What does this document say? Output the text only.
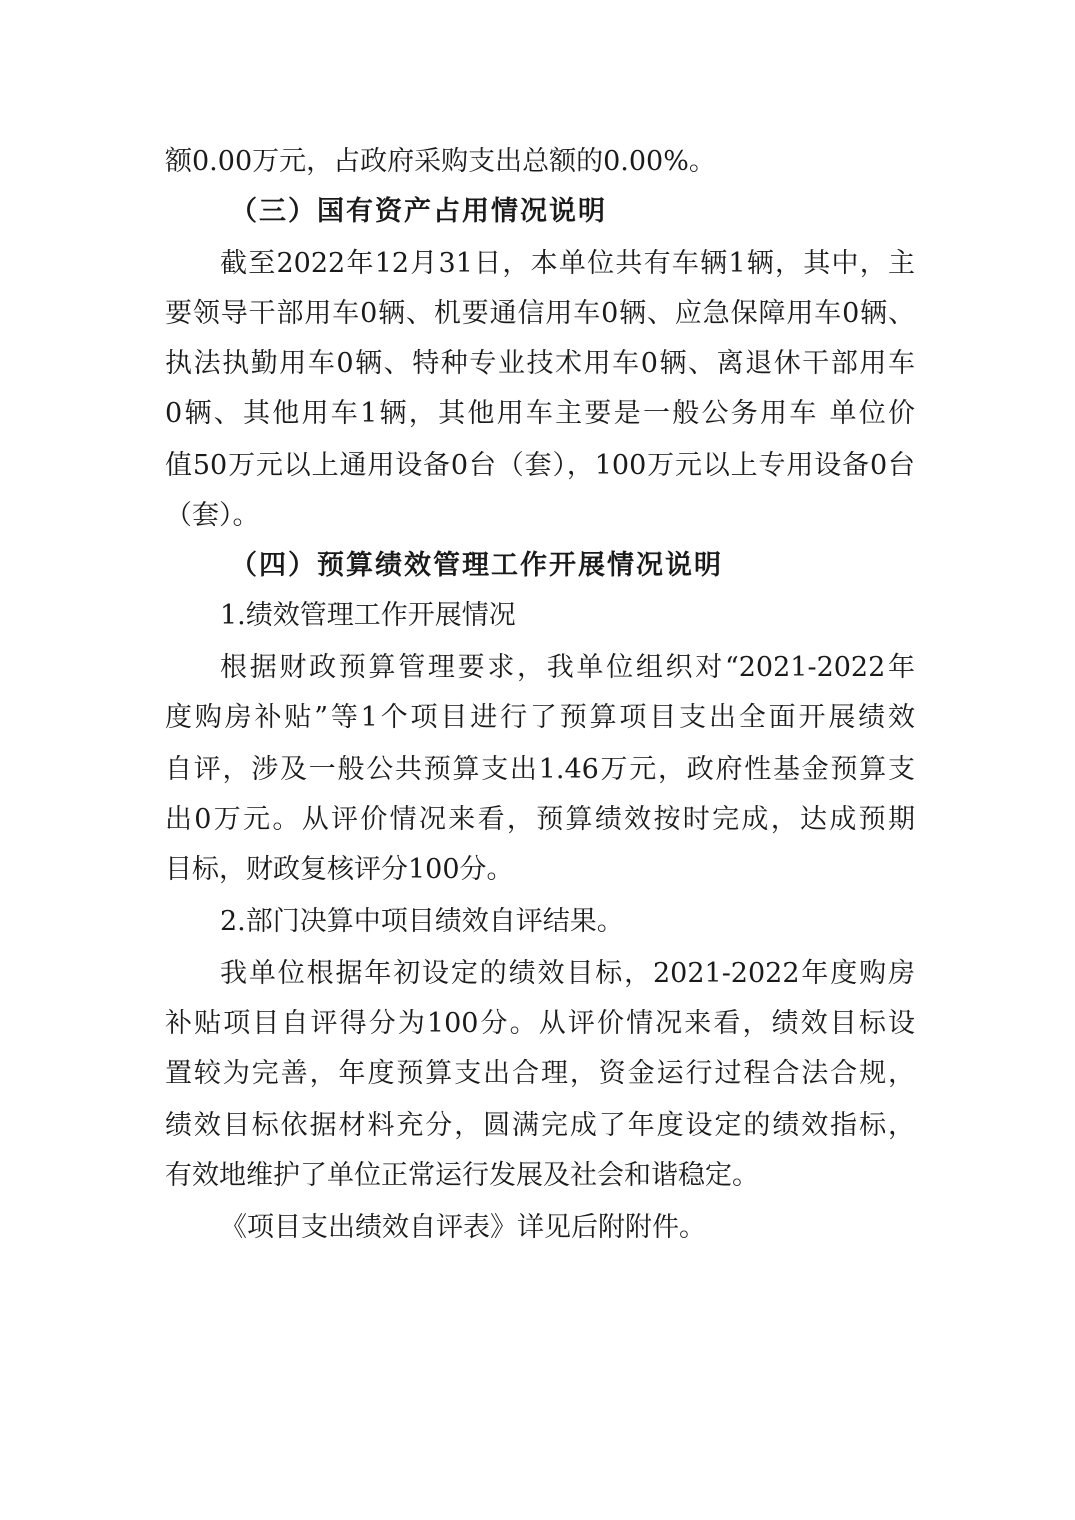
额0.00万元，占政府采购支出总额的0.00%。
（三）国有资产占用情况说明
截至2022年12月31日，本单位共有车辆1辆，其中，主
要领导干部用车0辆、机要通信用车0辆、应急保障用车0辆、
执法执勤用车0辆、特种专业技术用车0辆、离退休干部用车
0辆、其他用车1辆，其他用车主要是一般公务用车 单位价
值50万元以上通用设备0台（套），100万元以上专用设备0台
（套）。
（四）预算绩效管理工作开展情况说明
1.绩效管理工作开展情况
根据财政预算管理要求，我单位组织对“2021-2022年
度购房补贴”等1个项目进行了预算项目支出全面开展绩效
自评，涉及一般公共预算支出1.46万元，政府性基金预算支
出0万元。从评价情况来看，预算绩效按时完成，达成预期
目标，财政复核评分100分。
2.部门决算中项目绩效自评结果。
我单位根据年初设定的绩效目标，2021-2022年度购房
补贴项目自评得分为100分。从评价情况来看，绩效目标设
置较为完善，年度预算支出合理，资金运行过程合法合规，
绩效目标依据材料充分，圆满完成了年度设定的绩效指标，
有效地维护了单位正常运行发展及社会和谐稳定。
《项目支出绩效自评表》详见后附附件。
